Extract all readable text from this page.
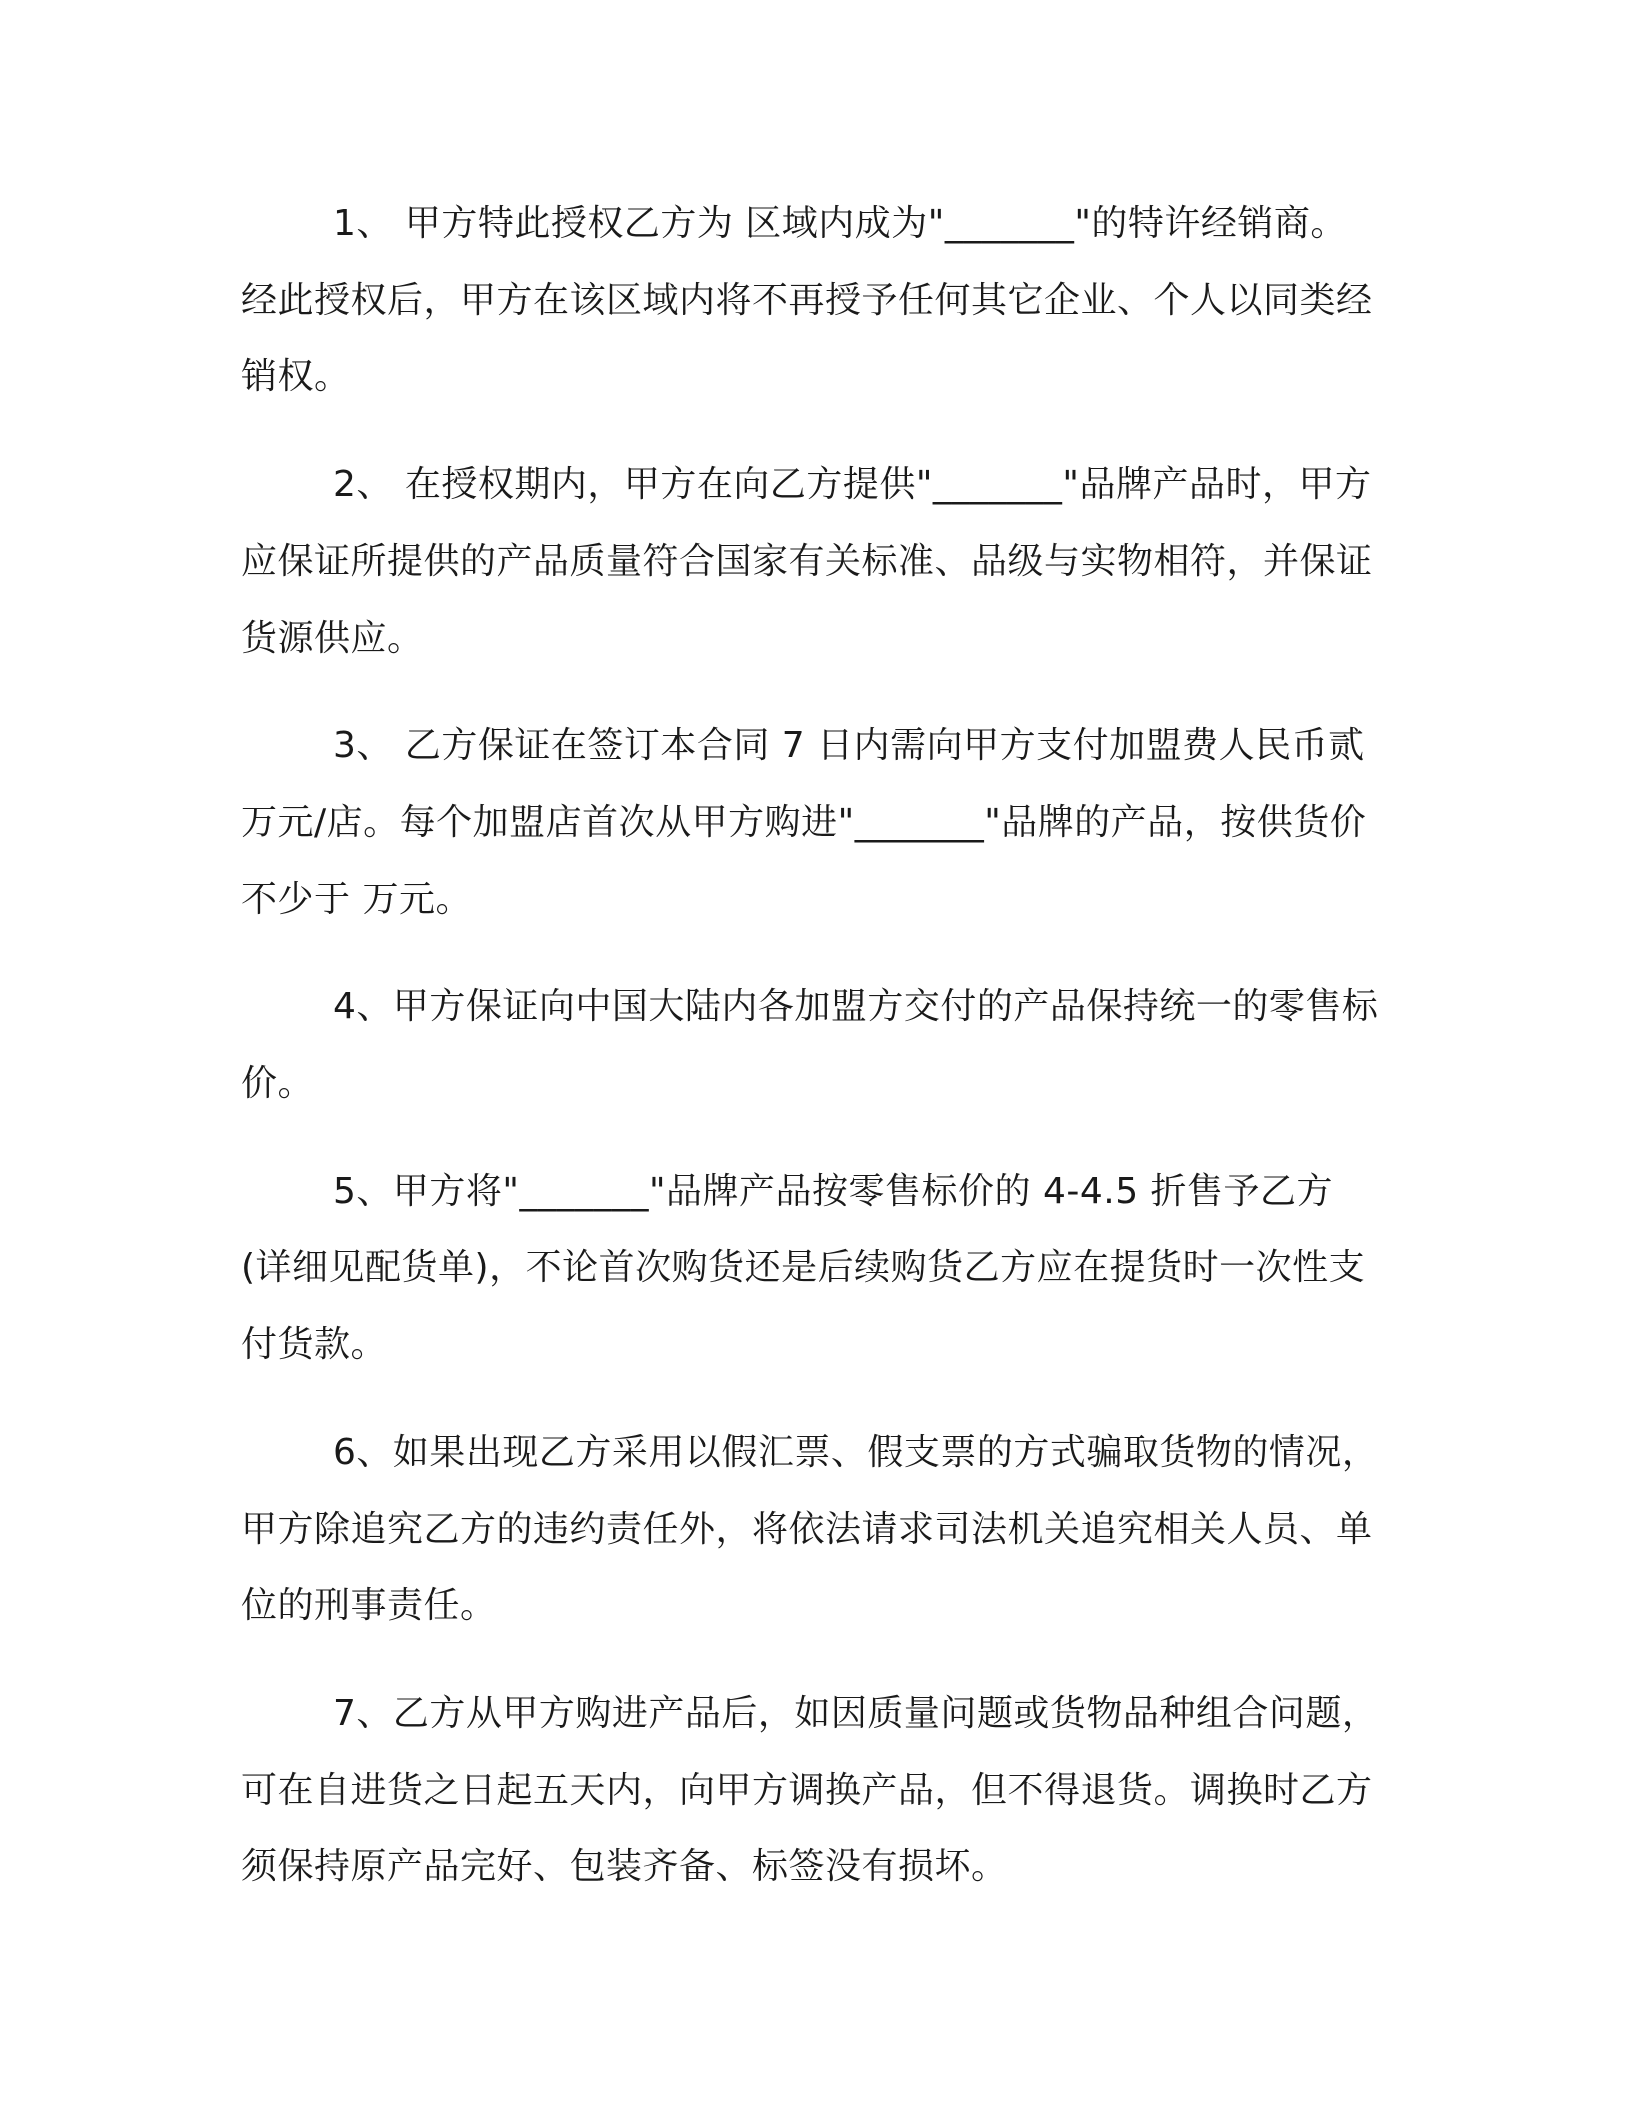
1、 甲方特此授权乙方为 区域内成为"_______"的特许经销商。经此授权后，甲方在该区域内将不再授予任何其它企业、个人以同类经销权。

2、 在授权期内，甲方在向乙方提供"_______"品牌产品时，甲方应保证所提供的产品质量符合国家有关标准、品级与实物相符，并保证货源供应。

3、 乙方保证在签订本合同 7 日内需向甲方支付加盟费人民币贰万元/店。每个加盟店首次从甲方购进"_______"品牌的产品，按供货价不少于 万元。

4、甲方保证向中国大陆内各加盟方交付的产品保持统一的零售标价。

5、甲方将"_______"品牌产品按零售标价的 4-4.5 折售予乙方(详细见配货单)，不论首次购货还是后续购货乙方应在提货时一次性支付货款。

6、如果出现乙方采用以假汇票、假支票的方式骗取货物的情况，甲方除追究乙方的违约责任外，将依法请求司法机关追究相关人员、单位的刑事责任。

7、乙方从甲方购进产品后，如因质量问题或货物品种组合问题，可在自进货之日起五天内，向甲方调换产品，但不得退货。调换时乙方须保持原产品完好、包装齐备、标签没有损坏。
